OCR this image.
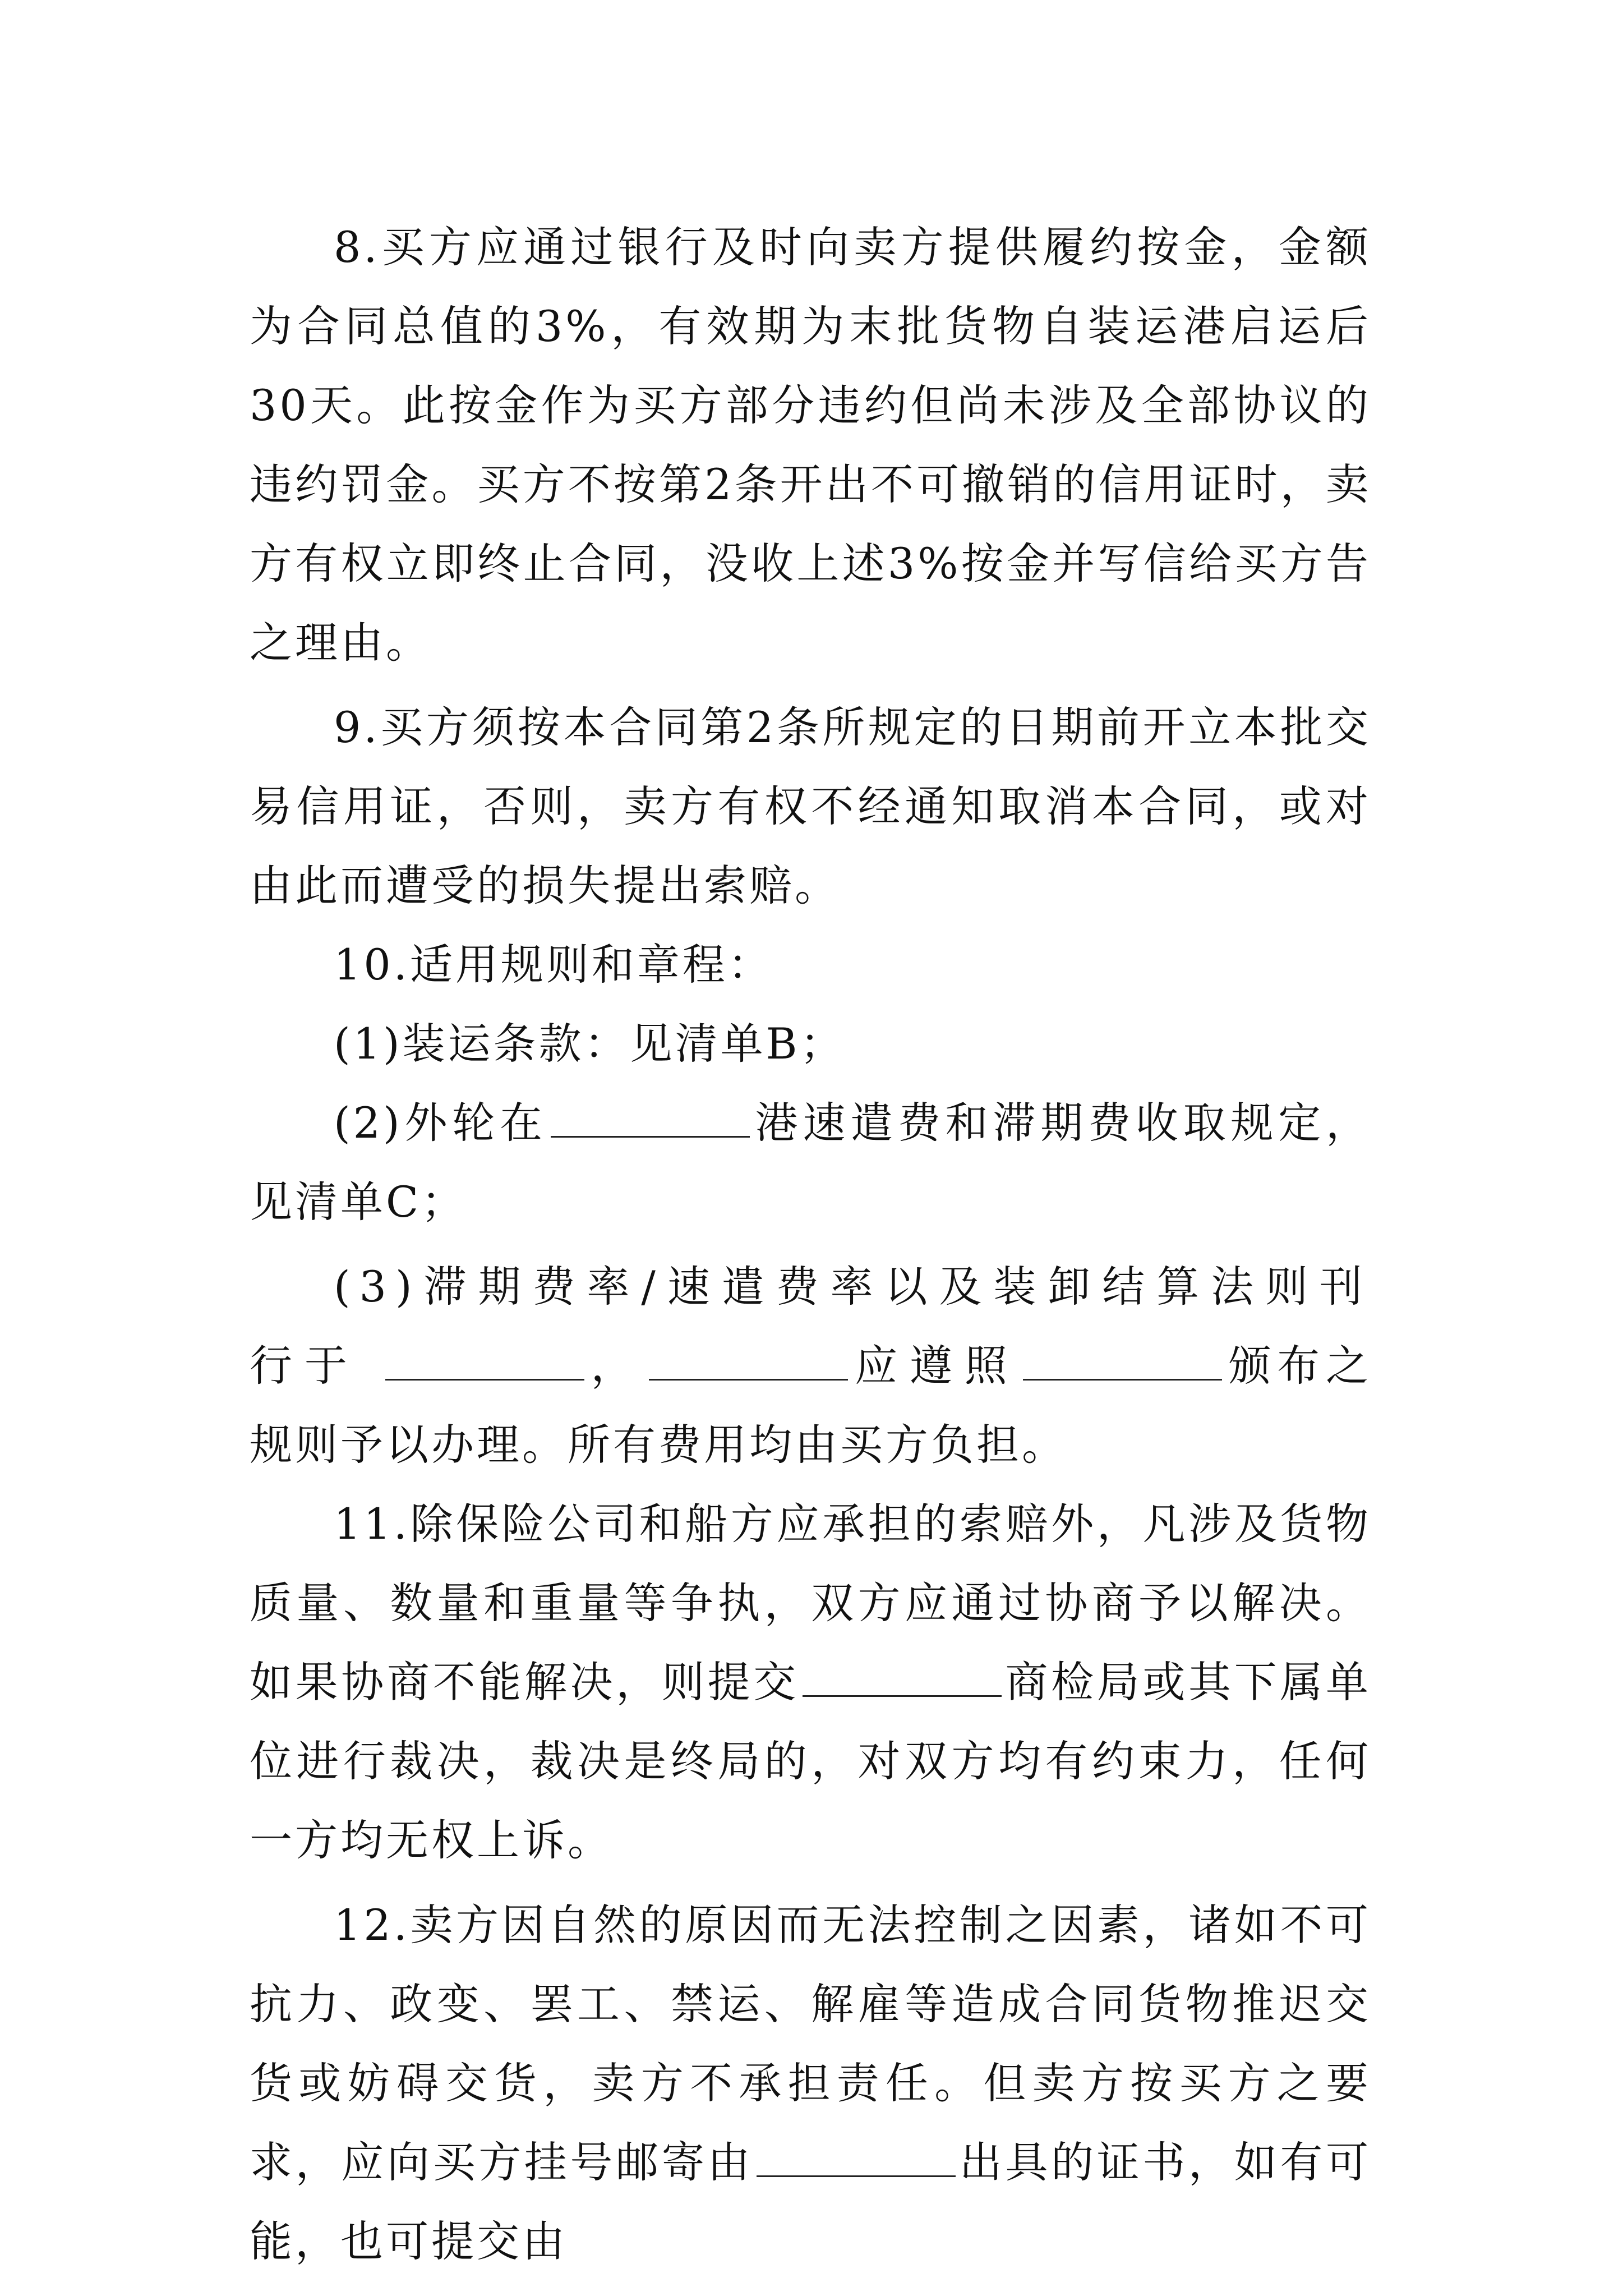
8.买方应通过银行及时向卖方提供履约按金，金额为合同总值的3%，有效期为末批货物自装运港启运后30天。此按金作为买方部分违约但尚未涉及全部协议的违约罚金。买方不按第2条开出不可撤销的信用证时，卖方有权立即终止合同，没收上述3%按金并写信给买方告之理由。

9.买方须按本合同第2条所规定的日期前开立本批交易信用证，否则，卖方有权不经通知取消本合同，或对由此而遭受的损失提出索赔。

10.适用规则和章程：

(1)装运条款：见清单B；

(2)外轮在	港速遣费和滞期费收取规定，见清单C；

(3)滞期费率/速遣费率以及装卸结算法则刊行于	，	应遵照	颁布之规则予以办理。所有费用均由买方负担。

11.除保险公司和船方应承担的索赔外，凡涉及货物质量、数量和重量等争执，双方应通过协商予以解决。如果协商不能解决，则提交	商检局或其下属单位进行裁决，裁决是终局的，对双方均有约束力，任何一方均无权上诉。

12.卖方因自然的原因而无法控制之因素，诸如不可抗力、政变、罢工、禁运、解雇等造成合同货物推迟交货或妨碍交货，卖方不承担责任。但卖方按买方之要求，应向买方挂号邮寄由	出具的证书，如有可能，也可提交由
